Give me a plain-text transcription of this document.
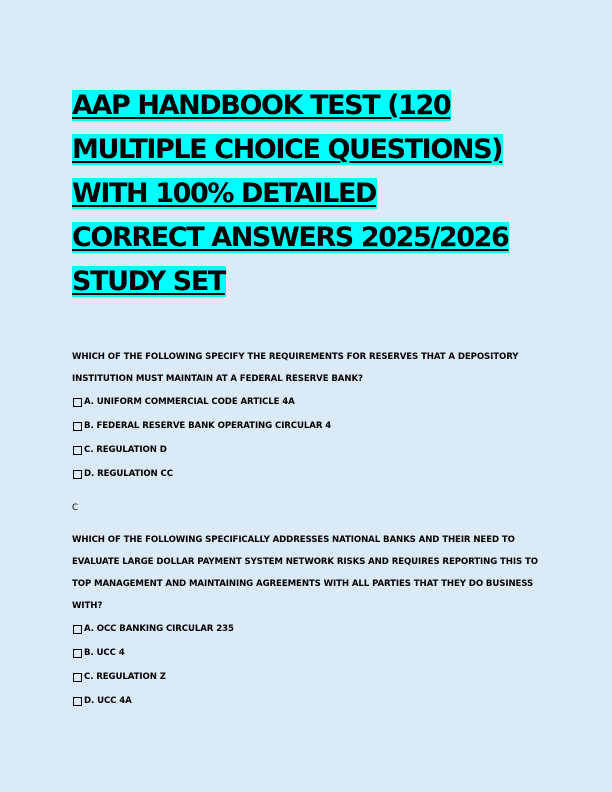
AAP HANDBOOK TEST (120
MULTIPLE CHOICE QUESTIONS)
WITH 100% DETAILED
CORRECT ANSWERS 2025/2026
STUDY SET

WHICH OF THE FOLLOWING SPECIFY THE REQUIREMENTS FOR RESERVES THAT A DEPOSITORY INSTITUTION MUST MAINTAIN AT A FEDERAL RESERVE BANK?

A. UNIFORM COMMERCIAL CODE ARTICLE 4A
B. FEDERAL RESERVE BANK OPERATING CIRCULAR 4
C. REGULATION D
D. REGULATION CC
C

WHICH OF THE FOLLOWING SPECIFICALLY ADDRESSES NATIONAL BANKS AND THEIR NEED TO EVALUATE LARGE DOLLAR PAYMENT SYSTEM NETWORK RISKS AND REQUIRES REPORTING THIS TO TOP MANAGEMENT AND MAINTAINING AGREEMENTS WITH ALL PARTIES THAT THEY DO BUSINESS WITH?

A. OCC BANKING CIRCULAR 235
B. UCC 4
C. REGULATION Z
D. UCC 4A
